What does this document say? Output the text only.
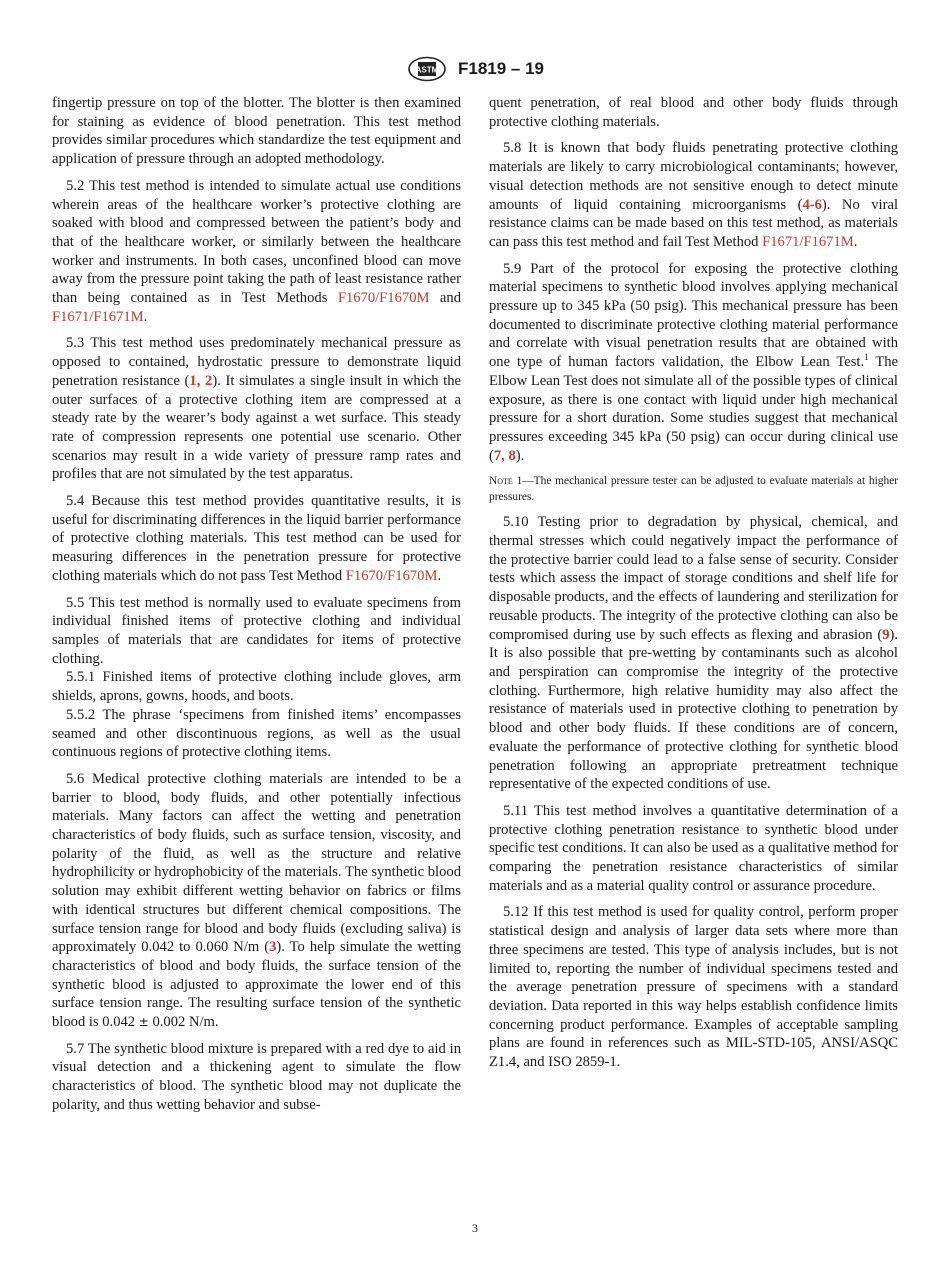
ASTM F1819 – 19

fingertip pressure on top of the blotter. The blotter is then examined for staining as evidence of blood penetration. This test method provides similar procedures which standardize the test equipment and application of pressure through an adopted methodology.

5.2 This test method is intended to simulate actual use conditions wherein areas of the healthcare worker’s protective clothing are soaked with blood and compressed between the patient’s body and that of the healthcare worker, or similarly between the healthcare worker and instruments. In both cases, unconfined blood can move away from the pressure point taking the path of least resistance rather than being contained as in Test Methods F1670/F1670M and F1671/F1671M.

5.3 This test method uses predominately mechanical pressure as opposed to contained, hydrostatic pressure to demonstrate liquid penetration resistance (1, 2). It simulates a single insult in which the outer surfaces of a protective clothing item are compressed at a steady rate by the wearer’s body against a wet surface. This steady rate of compression represents one potential use scenario. Other scenarios may result in a wide variety of pressure ramp rates and profiles that are not simulated by the test apparatus.

5.4 Because this test method provides quantitative results, it is useful for discriminating differences in the liquid barrier performance of protective clothing materials. This test method can be used for measuring differences in the penetration pressure for protective clothing materials which do not pass Test Method F1670/F1670M.

5.5 This test method is normally used to evaluate specimens from individual finished items of protective clothing and individual samples of materials that are candidates for items of protective clothing.

5.5.1 Finished items of protective clothing include gloves, arm shields, aprons, gowns, hoods, and boots.

5.5.2 The phrase ‘specimens from finished items’ encompasses seamed and other discontinuous regions, as well as the usual continuous regions of protective clothing items.

5.6 Medical protective clothing materials are intended to be a barrier to blood, body fluids, and other potentially infectious materials. Many factors can affect the wetting and penetration characteristics of body fluids, such as surface tension, viscosity, and polarity of the fluid, as well as the structure and relative hydrophilicity or hydrophobicity of the materials. The synthetic blood solution may exhibit different wetting behavior on fabrics or films with identical structures but different chemical compositions. The surface tension range for blood and body fluids (excluding saliva) is approximately 0.042 to 0.060 N/m (3). To help simulate the wetting characteristics of blood and body fluids, the surface tension of the synthetic blood is adjusted to approximate the lower end of this surface tension range. The resulting surface tension of the synthetic blood is 0.042 ± 0.002 N/m.

5.7 The synthetic blood mixture is prepared with a red dye to aid in visual detection and a thickening agent to simulate the flow characteristics of blood. The synthetic blood may not duplicate the polarity, and thus wetting behavior and subse-

quent penetration, of real blood and other body fluids through protective clothing materials.

5.8 It is known that body fluids penetrating protective clothing materials are likely to carry microbiological contaminants; however, visual detection methods are not sensitive enough to detect minute amounts of liquid containing microorganisms (4-6). No viral resistance claims can be made based on this test method, as materials can pass this test method and fail Test Method F1671/F1671M.

5.9 Part of the protocol for exposing the protective clothing material specimens to synthetic blood involves applying mechanical pressure up to 345 kPa (50 psig). This mechanical pressure has been documented to discriminate protective clothing material performance and correlate with visual penetration results that are obtained with one type of human factors validation, the Elbow Lean Test.$^1$ The Elbow Lean Test does not simulate all of the possible types of clinical exposure, as there is one contact with liquid under high mechanical pressure for a short duration. Some studies suggest that mechanical pressures exceeding 345 kPa (50 psig) can occur during clinical use (7, 8).

Note 1—The mechanical pressure tester can be adjusted to evaluate materials at higher pressures.

5.10 Testing prior to degradation by physical, chemical, and thermal stresses which could negatively impact the performance of the protective barrier could lead to a false sense of security. Consider tests which assess the impact of storage conditions and shelf life for disposable products, and the effects of laundering and sterilization for reusable products. The integrity of the protective clothing can also be compromised during use by such effects as flexing and abrasion (9). It is also possible that pre-wetting by contaminants such as alcohol and perspiration can compromise the integrity of the protective clothing. Furthermore, high relative humidity may also affect the resistance of materials used in protective clothing to penetration by blood and other body fluids. If these conditions are of concern, evaluate the performance of protective clothing for synthetic blood penetration following an appropriate pretreatment technique representative of the expected conditions of use.

5.11 This test method involves a quantitative determination of a protective clothing penetration resistance to synthetic blood under specific test conditions. It can also be used as a qualitative method for comparing the penetration resistance characteristics of similar materials and as a material quality control or assurance procedure.

5.12 If this test method is used for quality control, perform proper statistical design and analysis of larger data sets where more than three specimens are tested. This type of analysis includes, but is not limited to, reporting the number of individual specimens tested and the average penetration pressure of specimens with a standard deviation. Data reported in this way helps establish confidence limits concerning product performance. Examples of acceptable sampling plans are found in references such as MIL-STD-105, ANSI/ASQC Z1.4, and ISO 2859-1.

3
